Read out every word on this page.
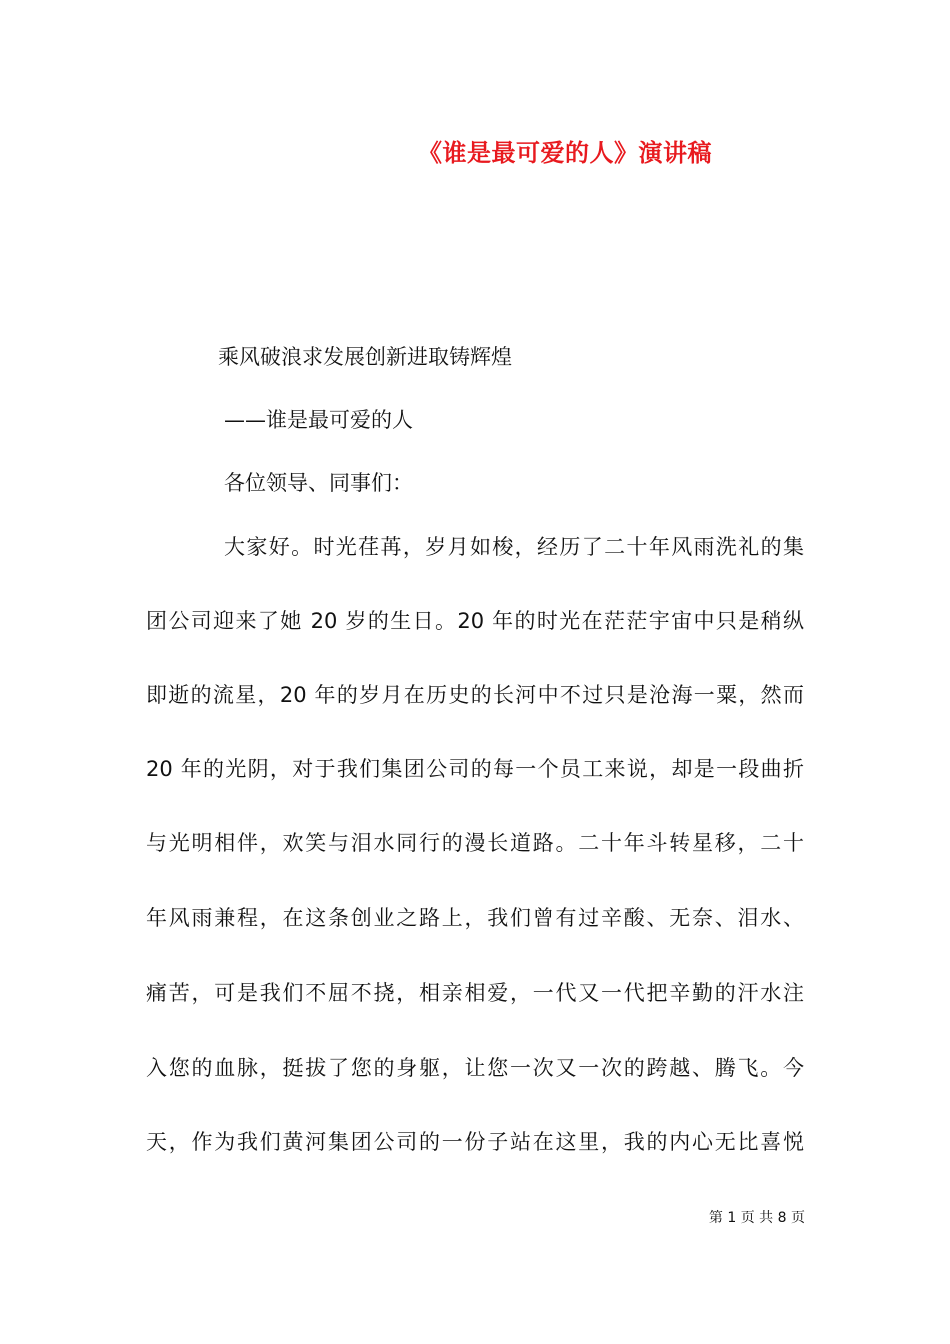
《谁是最可爱的人》演讲稿
乘风破浪求发展创新进取铸辉煌
——谁是最可爱的人
各位领导、同事们：
大家好。时光荏苒，岁月如梭，经历了二十年风雨洗礼的集
团公司迎来了她 20 岁的生日。20 年的时光在茫茫宇宙中只是稍纵
即逝的流星，20 年的岁月在历史的长河中不过只是沧海一粟，然而
20 年的光阴，对于我们集团公司的每一个员工来说，却是一段曲折
与光明相伴，欢笑与泪水同行的漫长道路。二十年斗转星移，二十
年风雨兼程，在这条创业之路上，我们曾有过辛酸、无奈、泪水、
痛苦，可是我们不屈不挠，相亲相爱，一代又一代把辛勤的汗水注
入您的血脉，挺拔了您的身躯，让您一次又一次的跨越、腾飞。今
天，作为我们黄河集团公司的一份子站在这里，我的内心无比喜悦
第 1 页 共 8 页
